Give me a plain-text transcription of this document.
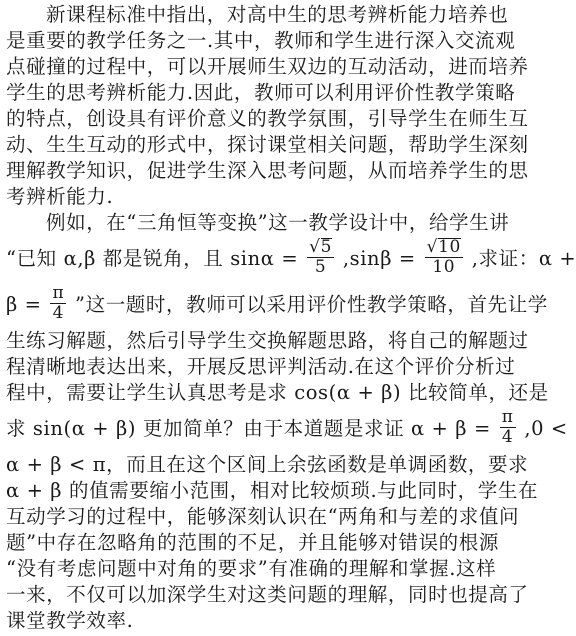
新课程标准中指出，对高中生的思考辨析能力培养也
是重要的教学任务之一.其中，教师和学生进行深入交流观
点碰撞的过程中，可以开展师生双边的互动活动，进而培养
学生的思考辨析能力.因此，教师可以利用评价性教学策略
的特点，创设具有评价意义的教学氛围，引导学生在师生互
动、生生互动的形式中，探讨课堂相关问题，帮助学生深刻
理解教学知识，促进学生深入思考问题，从而培养学生的思
考辨析能力.
例如，在“三角恒等变换”这一教学设计中，给学生讲
“已知 α,β 都是锐角，且 $\sin\alpha = \frac{√5}{5} ,\sin\beta = \frac{√10}{10}$ ,求证：α +
$\beta = \frac{\pi}{4}$ ”这一题时，教师可以采用评价性教学策略，首先让学
生练习解题，然后引导学生交换解题思路，将自己的解题过
程清晰地表达出来，开展反思评判活动.在这个评价分析过
程中，需要让学生认真思考是求 cos(α + β) 比较简单，还是
求 sin(α + β) 更加简单？由于本道题是求证 $\alpha + \beta = \frac{\pi}{4} ,0$ <
α + β < π，而且在这个区间上余弦函数是单调函数，要求
α + β 的值需要缩小范围，相对比较烦琐.与此同时，学生在
互动学习的过程中，能够深刻认识在“两角和与差的求值问
题”中存在忽略角的范围的不足，并且能够对错误的根源
“没有考虑问题中对角的要求”有准确的理解和掌握.这样
一来，不仅可以加深学生对这类问题的理解，同时也提高了
课堂教学效率.
